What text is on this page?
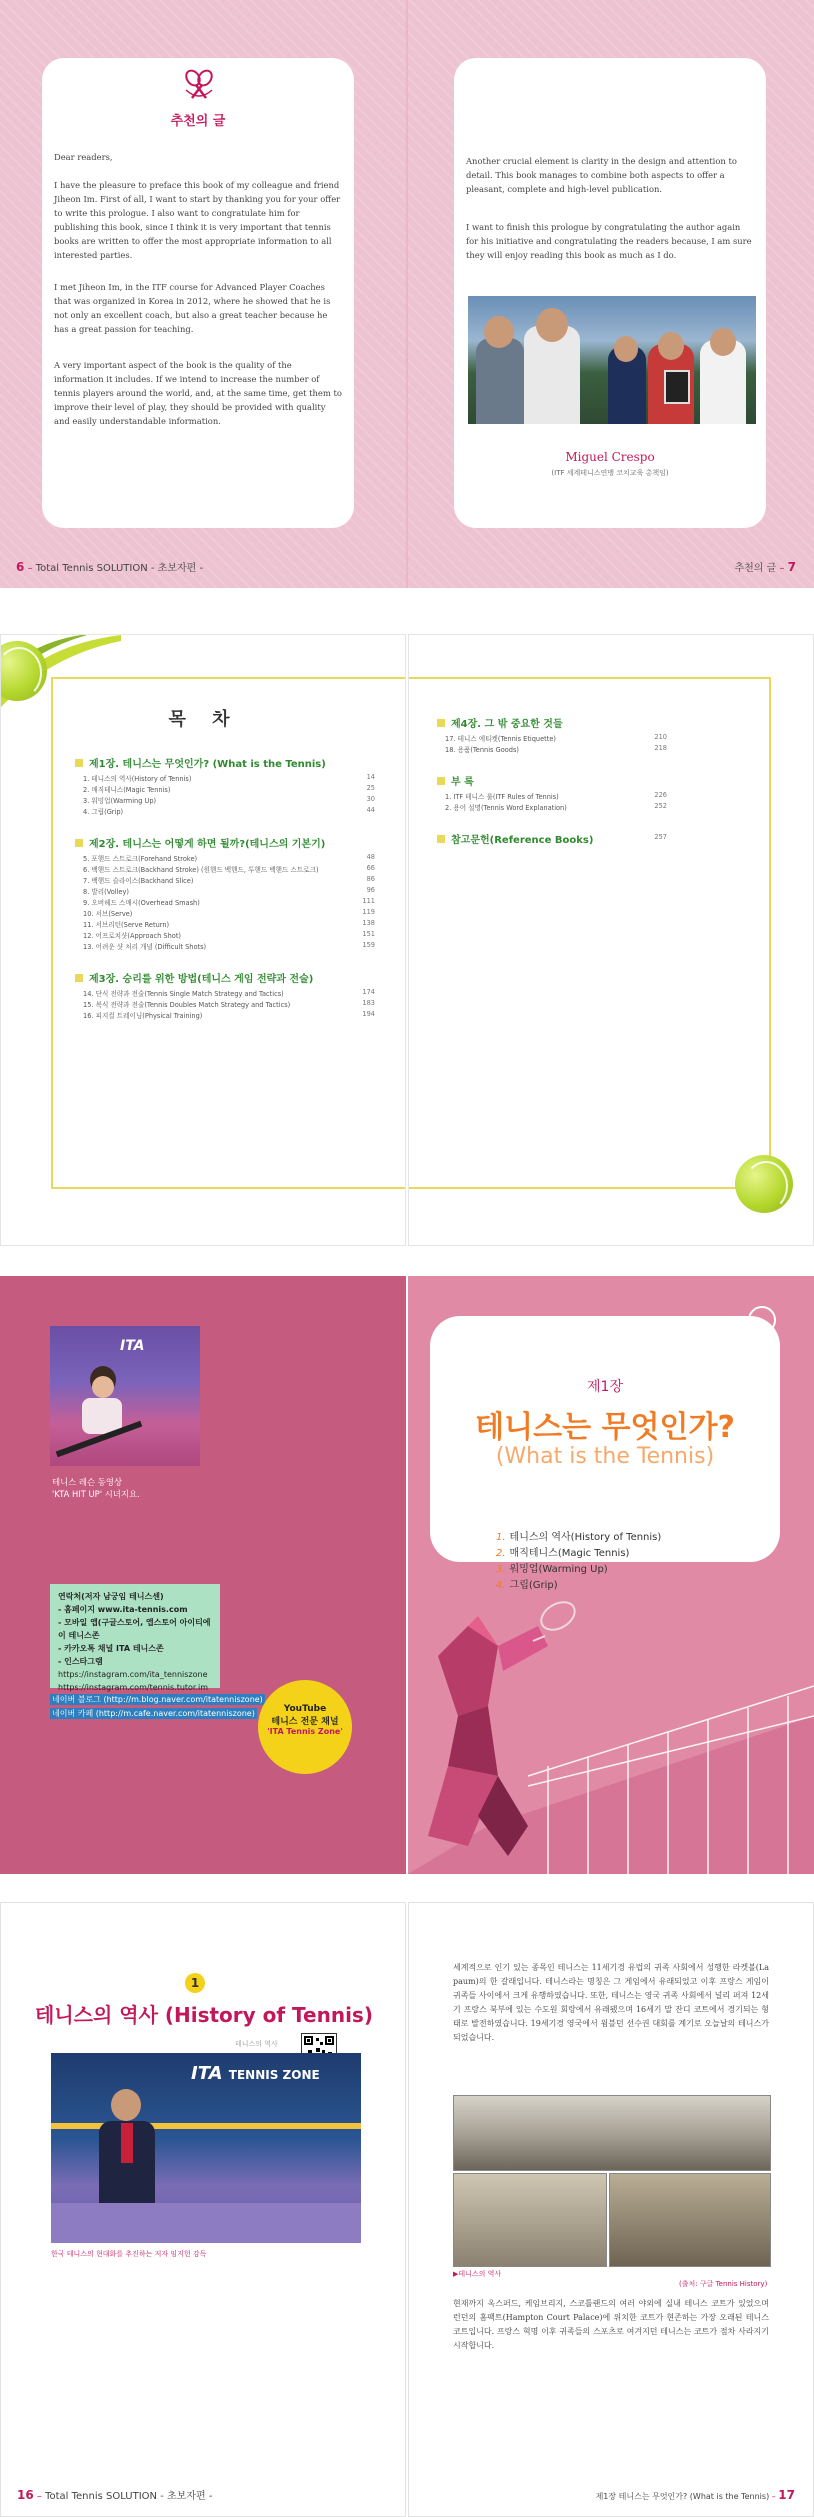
추천의 글
Dear readers,
I have the pleasure to preface this book of my colleague and friend Jiheon Im. First of all, I want to start by thanking you for your offer to write this prologue. I also want to congratulate him for publishing this book, since I think it is very important that tennis books are written to offer the most appropriate information to all interested parties.
I met Jiheon Im, in the ITF course for Advanced Player Coaches that was organized in Korea in 2012, where he showed that he is not only an excellent coach, but also a great teacher because he has a great passion for teaching.
A very important aspect of the book is the quality of the information it includes. If we intend to increase the number of tennis players around the world, and, at the same time, get them to improve their level of play, they should be provided with quality and easily understandable information.
6 – Total Tennis SOLUTION - 초보자편 -
Another crucial element is clarity in the design and attention to detail. This book manages to combine both aspects to offer a pleasant, complete and high-level publication.
I want to finish this prologue by congratulating the author again for his initiative and congratulating the readers because, I am sure they will enjoy reading this book as much as I do.
Miguel Crespo
(ITF 세계테니스연맹 코치교육 총책임)
추천의 글 – 7
목 차
제1장. 테니스는 무엇인가? (What is the Tennis)
1. 테니스의 역사(History of Tennis)	14
2. 매직테니스(Magic Tennis)	25
3. 워밍업(Warming Up)	30
4. 그립(Grip)	44
제2장. 테니스는 어떻게 하면 될까?(테니스의 기본기)
5. 포핸드 스트로크(Forehand Stroke)	48
6. 백핸드 스트로크(Backhand Stroke) (원핸드 백핸드, 투핸드 백핸드 스트로크)	66
7. 백핸드 슬라이스(Backhand Slice)	86
8. 발리(Volley)	96
9. 오버헤드 스매시(Overhead Smash)	111
10. 서브(Serve)	119
11. 서브리턴(Serve Return)	138
12. 어프로치샷(Approach Shot)	151
13. 어려운 샷 처리 개념 (Difficult Shots)	159
제3장. 승리를 위한 방법(테니스 게임 전략과 전술)
14. 단식 전략과 전술(Tennis Single Match Strategy and Tactics)	174
15. 복식 전략과 전술(Tennis Doubles Match Strategy and Tactics)	183
16. 피지컬 트레이닝(Physical Training)	194
제4장. 그 밖 중요한 것들
17. 테니스 에티켓(Tennis Etiquette)	210
18. 용품(Tennis Goods)	218
부 록
1. ITF 테니스 룰(ITF Rules of Tennis)	226
2. 용어 설명(Tennis Word Explanation)	252
참고문헌(Reference Books)	257
ITA
테니스 레슨 동영상
'KTA HIT UP' 시녀지요.
연락처(저자 남궁임 테니스센)
- 홈페이지 www.ita-tennis.com
- 모바일 앱(구글스토어, 앱스토어 아이티에이 테니스존
- 카카오톡 채널 ITA 테니스존
- 인스타그램
https://instagram.com/ita_tenniszone
https://instagram.com/tennis.tutor.im
네이버 블로그 (http://m.blog.naver.com/itatenniszone)
네이버 카페 (http://m.cafe.naver.com/itatenniszone)	YouTube
테니스 전문 채널
'ITA Tennis Zone'
제1장
테니스는 무엇인가?
(What is the Tennis)
1. 테니스의 역사(History of Tennis)
2. 매직테니스(Magic Tennis)
3. 워밍업(Warming Up)
4. 그립(Grip)
1
테니스의 역사 (History of Tennis)
테니스의 역사
ITA TENNIS ZONE
한국 테니스의 현대화를 추진하는 저자 임지헌 감독
16 – Total Tennis SOLUTION - 초보자편 -
세계적으로 인기 있는 종목인 테니스는 11세기경 유럽의 귀족 사회에서 성행한 라켓볼(La paum)의 한 갈래입니다. 테니스라는 명칭은 그 게임에서 유래되었고 이후 프랑스 게임이 귀족들 사이에서 크게 유행하였습니다. 또한, 테니스는 영국 귀족 사회에서 널리 퍼져 12세기 프랑스 북부에 있는 수도원 회랑에서 유래됐으며 16세기 말 잔디 코트에서 경기되는 형태로 발전하였습니다. 19세기경 영국에서 윔블던 선수권 대회를 계기로 오늘날의 테니스가 되었습니다.
▶테니스의 역사
(출처: 구글 Tennis History)
현재까지 옥스퍼드, 케임브리지, 스코틀랜드의 여러 야외에 실내 테니스 코트가 있었으며 런던의 홈팩트(Hampton Court Palace)에 위치한 코트가 현존하는 가장 오래된 테니스 코트입니다. 프랑스 혁명 이후 귀족들의 스포츠로 여겨지던 테니스는 코트가 점차 사라지기 시작합니다.
제1장 테니스는 무엇인가? (What is the Tennis) – 17
